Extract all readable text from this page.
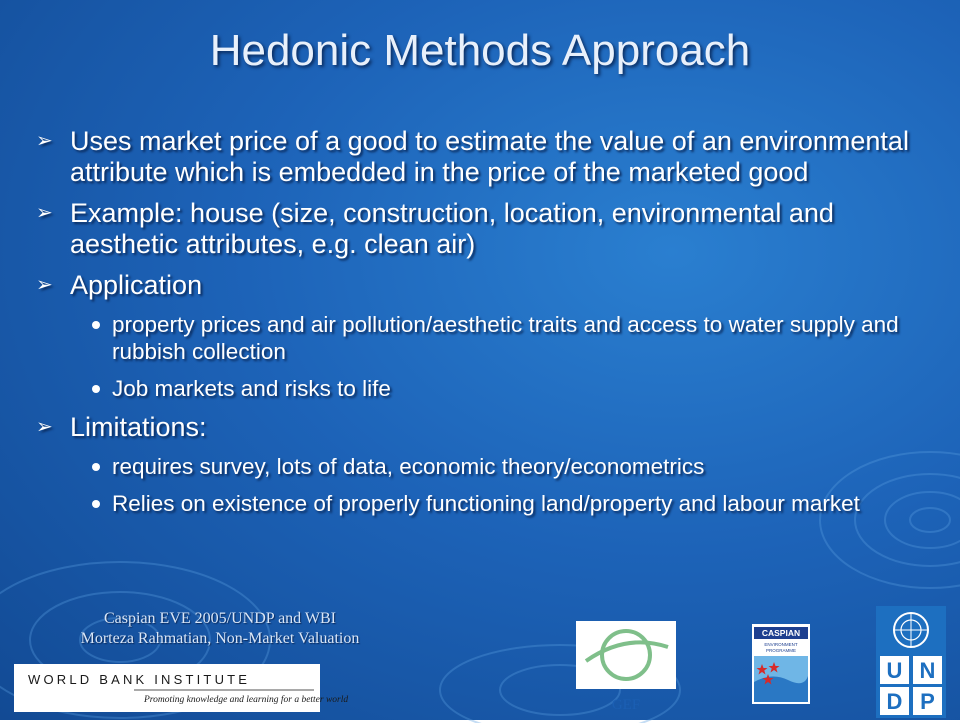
Hedonic Methods Approach
➢ Uses market price of a good to estimate the value of an environmental attribute which is embedded in the price of the marketed good
➢ Example: house (size, construction, location, environmental and aesthetic attributes, e.g. clean air)
➢ Application
property prices and air pollution/aesthetic traits and access to water supply and rubbish collection
Job markets and risks to life
➢ Limitations:
requires survey, lots of data, economic theory/econometrics
Relies on existence of properly functioning land/property and labour market
Caspian EVE 2005/UNDP and WBI
Morteza Rahmatian, Non-Market Valuation
WORLD BANK INSTITUTE
Promoting knowledge and learning for a better world	GEF
CASPIAN
ENVIRONMENT
PROGRAMME
U N
D P
